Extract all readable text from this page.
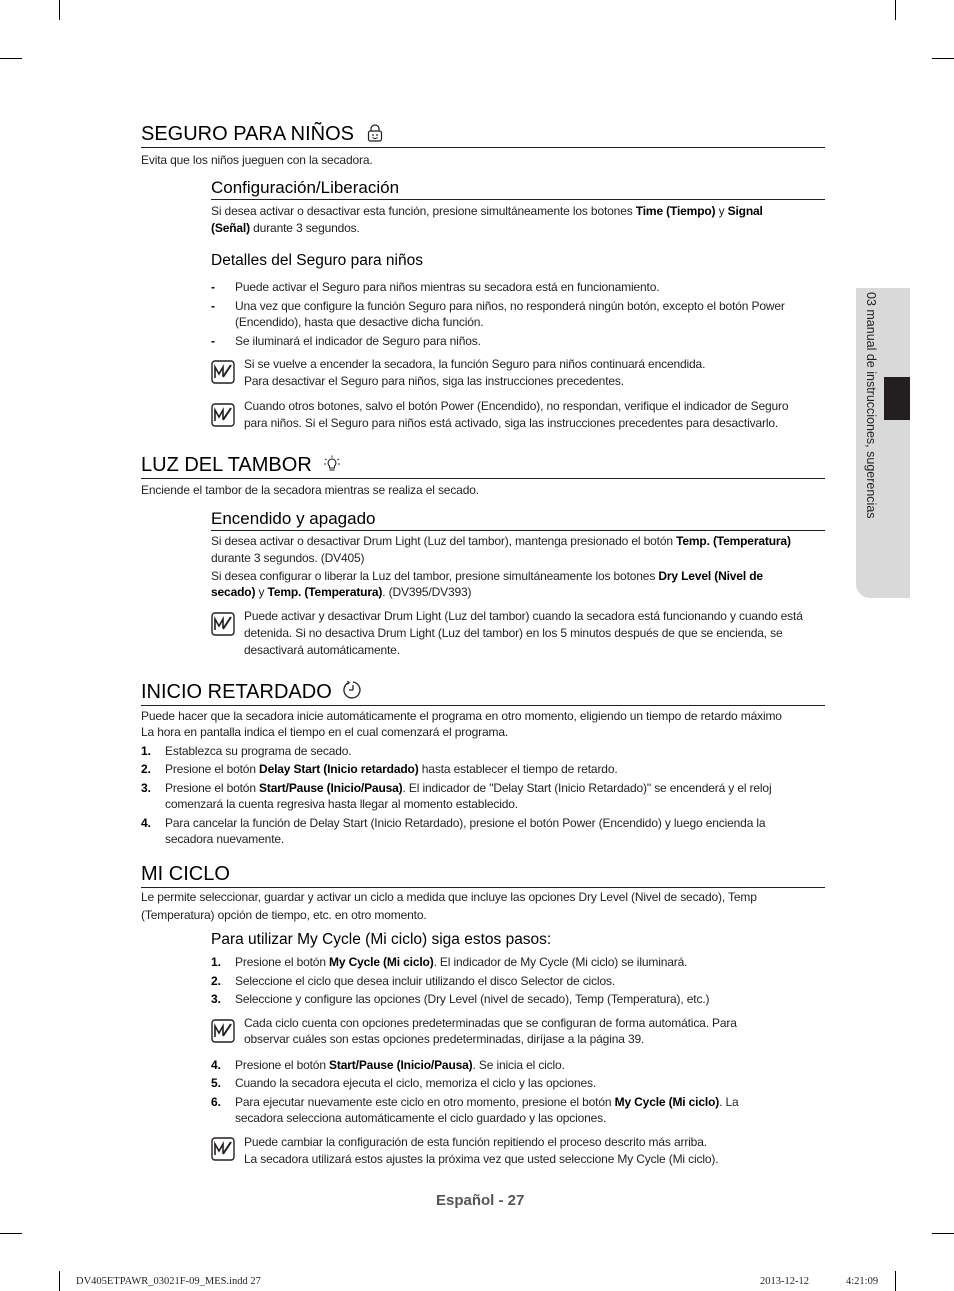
03 manual de instrucciones, sugerencias
SEGURO PARA NIÑOS
Evita que los niños jueguen con la secadora.
Configuración/Liberación
Si desea activar o desactivar esta función, presione simultáneamente los botones Time (Tiempo) y Signal
(Señal) durante 3 segundos.
Detalles del Seguro para niños
- Puede activar el Seguro para niños mientras su secadora está en funcionamiento.
- Una vez que configure la función Seguro para niños, no responderá ningún botón, excepto el botón Power
(Encendido), hasta que desactive dicha función.
- Se iluminará el indicador de Seguro para niños.
Si se vuelve a encender la secadora, la función Seguro para niños continuará encendida.
Para desactivar el Seguro para niños, siga las instrucciones precedentes.
Cuando otros botones, salvo el botón Power (Encendido), no respondan, verifique el indicador de Seguro
para niños. Si el Seguro para niños está activado, siga las instrucciones precedentes para desactivarlo.
LUZ DEL TAMBOR
Enciende el tambor de la secadora mientras se realiza el secado.
Encendido y apagado
Si desea activar o desactivar Drum Light (Luz del tambor), mantenga presionado el botón Temp. (Temperatura)
durante 3 segundos. (DV405)
Si desea configurar o liberar la Luz del tambor, presione simultáneamente los botones Dry Level (Nivel de
secado) y Temp. (Temperatura). (DV395/DV393)
Puede activar y desactivar Drum Light (Luz del tambor) cuando la secadora está funcionando y cuando está
detenida. Si no desactiva Drum Light (Luz del tambor) en los 5 minutos después de que se encienda, se
desactivará automáticamente.
INICIO RETARDADO
Puede hacer que la secadora inicie automáticamente el programa en otro momento, eligiendo un tiempo de retardo máximo
La hora en pantalla indica el tiempo en el cual comenzará el programa.
1. Establezca su programa de secado.
2. Presione el botón Delay Start (Inicio retardado) hasta establecer el tiempo de retardo.
3. Presione el botón Start/Pause (Inicio/Pausa). El indicador de "Delay Start (Inicio Retardado)" se encenderá y el reloj
comenzará la cuenta regresiva hasta llegar al momento establecido.
4. Para cancelar la función de Delay Start (Inicio Retardado), presione el botón Power (Encendido) y luego encienda la
secadora nuevamente.
MI CICLO
Le permite seleccionar, guardar y activar un ciclo a medida que incluye las opciones Dry Level (Nivel de secado), Temp
(Temperatura) opción de tiempo, etc. en otro momento.
Para utilizar My Cycle (Mi ciclo) siga estos pasos:
1. Presione el botón My Cycle (Mi ciclo). El indicador de My Cycle (Mi ciclo) se iluminará.
2. Seleccione el ciclo que desea incluir utilizando el disco Selector de ciclos.
3. Seleccione y configure las opciones (Dry Level (nivel de secado), Temp (Temperatura), etc.)
Cada ciclo cuenta con opciones predeterminadas que se configuran de forma automática. Para
observar cuáles son estas opciones predeterminadas, diríjase a la página 39.
4. Presione el botón Start/Pause (Inicio/Pausa). Se inicia el ciclo.
5. Cuando la secadora ejecuta el ciclo, memoriza el ciclo y las opciones.
6. Para ejecutar nuevamente este ciclo en otro momento, presione el botón My Cycle (Mi ciclo). La
secadora selecciona automáticamente el ciclo guardado y las opciones.
Puede cambiar la configuración de esta función repitiendo el proceso descrito más arriba.
La secadora utilizará estos ajustes la próxima vez que usted seleccione My Cycle (Mi ciclo).
Español - 27
DV405ETPAWR_03021F-09_MES.indd 27	2013-12-12	4:21:09
